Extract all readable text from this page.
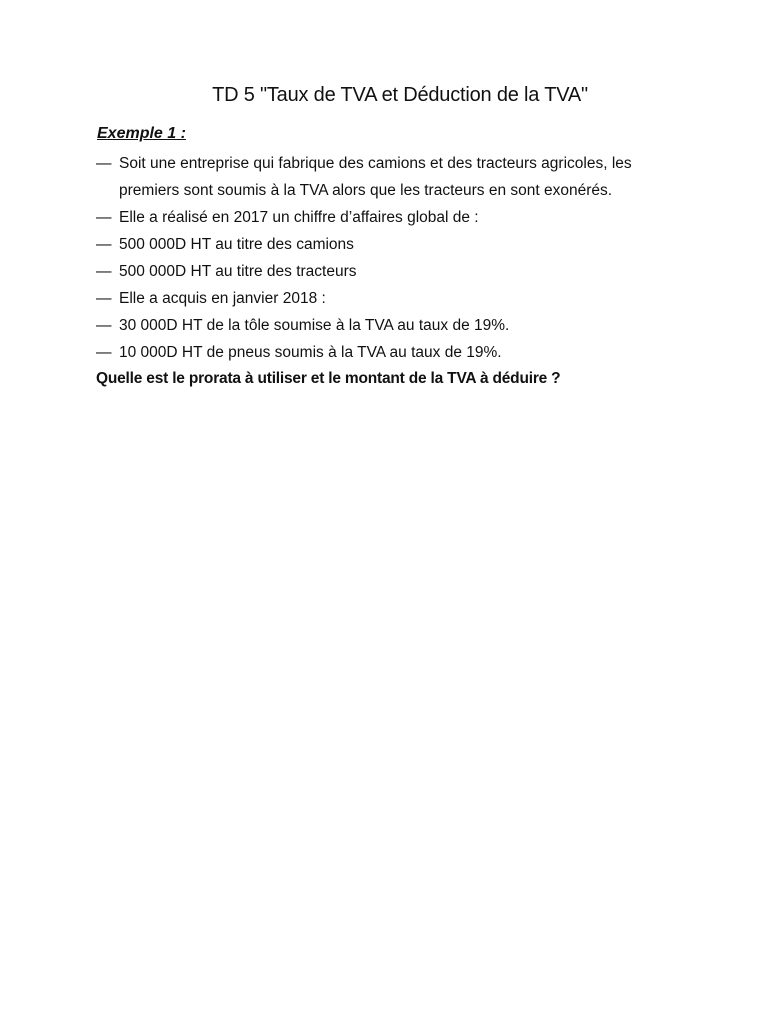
TD 5 "Taux de TVA et Déduction de la TVA"

Exemple 1 :

— Soit une entreprise qui fabrique des camions et des tracteurs agricoles, les
premiers sont soumis à la TVA alors que les tracteurs en sont exonérés.
— Elle a réalisé en 2017 un chiffre d’affaires global de :
— 500 000D HT au titre des camions
— 500 000D HT au titre des tracteurs
— Elle a acquis en janvier 2018 :
— 30 000D HT de la tôle soumise à la TVA au taux de 19%.
— 10 000D HT de pneus soumis à la TVA au taux de 19%.

Quelle est le prorata à utiliser et le montant de la TVA à déduire ?
